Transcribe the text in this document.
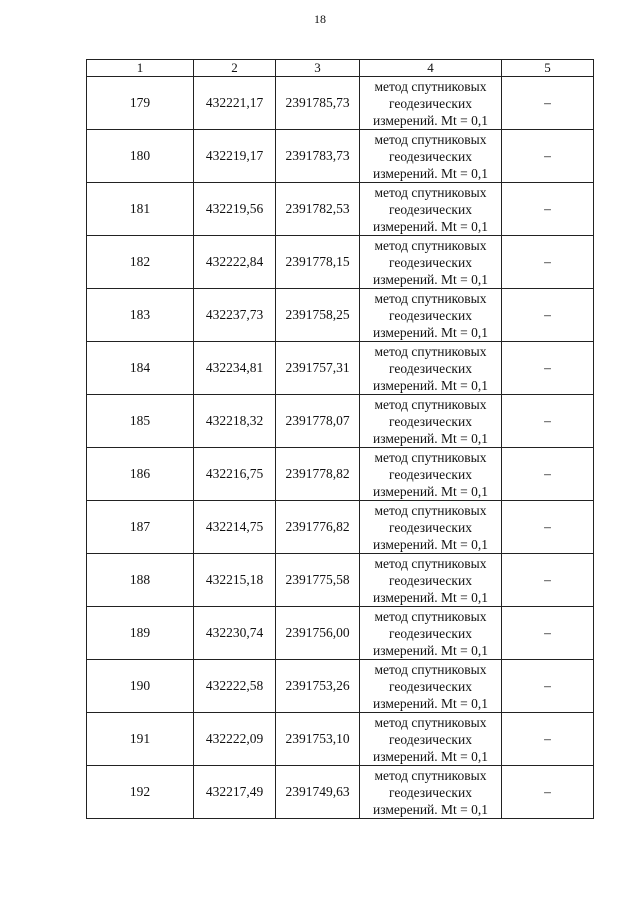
18
1	2	3	4	5
179	432221,17	2391785,73	метод спутниковых
геодезических
измерений. Mt = 0,1	–
180	432219,17	2391783,73	метод спутниковых
геодезических
измерений. Mt = 0,1	–
181	432219,56	2391782,53	метод спутниковых
геодезических
измерений. Mt = 0,1	–
182	432222,84	2391778,15	метод спутниковых
геодезических
измерений. Mt = 0,1	–
183	432237,73	2391758,25	метод спутниковых
геодезических
измерений. Mt = 0,1	–
184	432234,81	2391757,31	метод спутниковых
геодезических
измерений. Mt = 0,1	–
185	432218,32	2391778,07	метод спутниковых
геодезических
измерений. Mt = 0,1	–
186	432216,75	2391778,82	метод спутниковых
геодезических
измерений. Mt = 0,1	–
187	432214,75	2391776,82	метод спутниковых
геодезических
измерений. Mt = 0,1	–
188	432215,18	2391775,58	метод спутниковых
геодезических
измерений. Mt = 0,1	–
189	432230,74	2391756,00	метод спутниковых
геодезических
измерений. Mt = 0,1	–
190	432222,58	2391753,26	метод спутниковых
геодезических
измерений. Mt = 0,1	–
191	432222,09	2391753,10	метод спутниковых
геодезических
измерений. Mt = 0,1	–
192	432217,49	2391749,63	метод спутниковых
геодезических
измерений. Mt = 0,1	–
